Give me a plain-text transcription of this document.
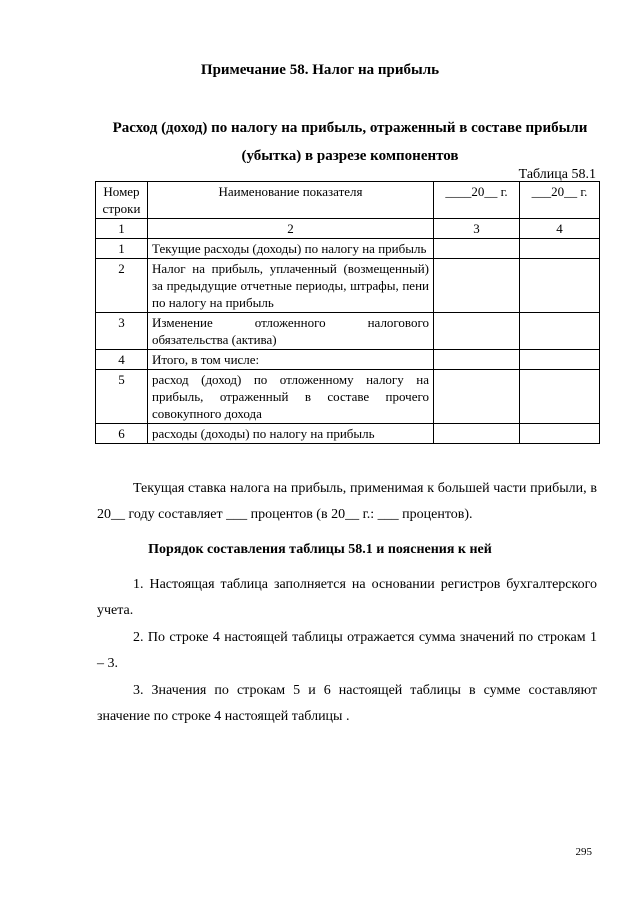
Примечание 58. Налог на прибыль
Расход (доход) по налогу на прибыль, отраженный в составе прибыли (убытка) в разрезе компонентов
Таблица 58.1
Номер строки	Наименование показателя	____20__ г.	___20__ г.
1	2	3	4
1	Текущие расходы (доходы) по налогу на прибыль		
2	Налог на прибыль, уплаченный (возмещенный) за предыдущие отчетные периоды, штрафы, пени по налогу на прибыль		
3	Изменение отложенного налогового обязательства (актива)		
4	Итого, в том числе:		
5	расход (доход) по отложенному налогу на прибыль, отраженный в составе прочего совокупного дохода		
6	расходы (доходы) по налогу на прибыль		
Текущая ставка налога на прибыль, применимая к большей части прибыли, в 20__ году составляет ___ процентов (в 20__ г.: ___ процентов).
Порядок составления таблицы 58.1 и пояснения к ней
1. Настоящая таблица заполняется на основании регистров бухгалтерского учета.
2. По строке 4 настоящей таблицы отражается сумма значений по строкам 1 – 3.
3. Значения по строкам 5 и 6 настоящей таблицы в сумме составляют значение по строке 4 настоящей таблицы .
295
